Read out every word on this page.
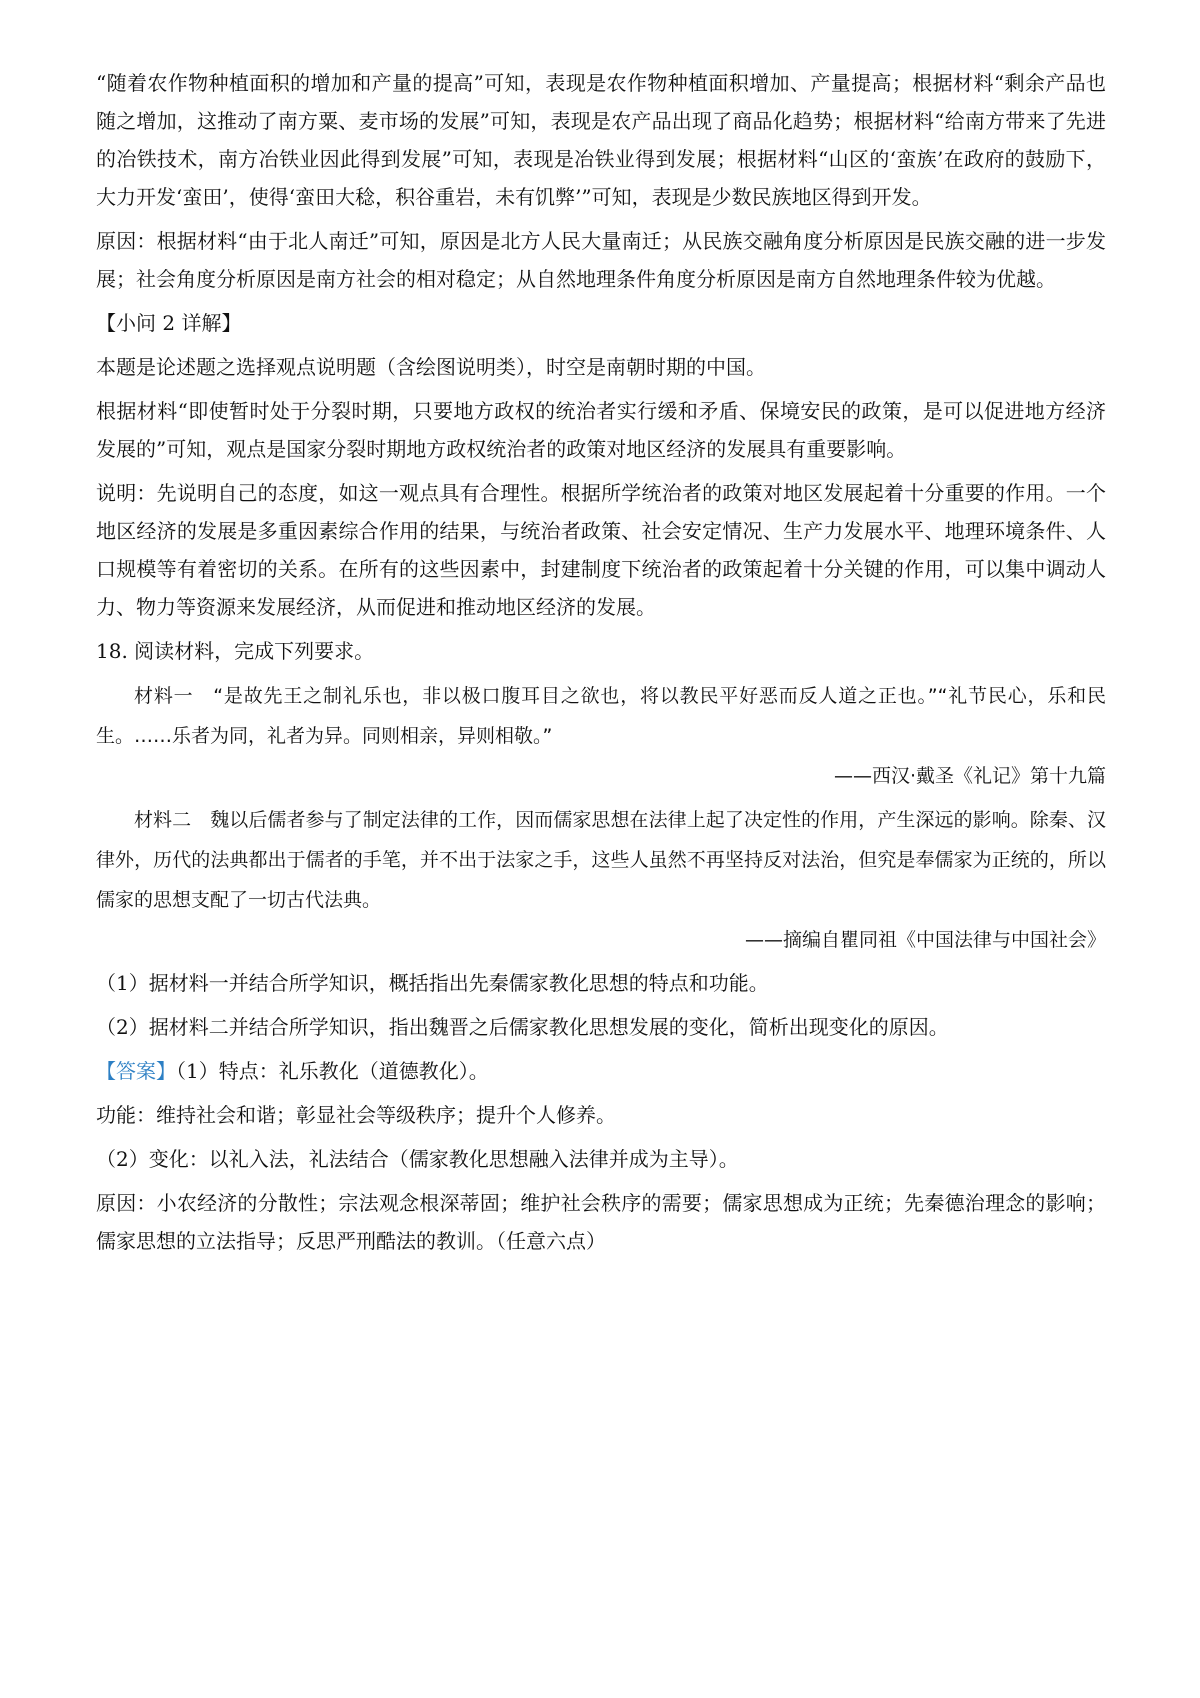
“随着农作物种植面积的增加和产量的提高”可知，表现是农作物种植面积增加、产量提高；根据材料“剩余产品也随之增加，这推动了南方粟、麦市场的发展”可知，表现是农产品出现了商品化趋势；根据材料“给南方带来了先进的冶铁技术，南方冶铁业因此得到发展”可知，表现是冶铁业得到发展；根据材料“山区的‘蛮族’在政府的鼓励下，大力开发‘蛮田’，使得‘蛮田大稔，积谷重岩，未有饥弊’”可知，表现是少数民族地区得到开发。

原因：根据材料“由于北人南迁”可知，原因是北方人民大量南迁；从民族交融角度分析原因是民族交融的进一步发展；社会角度分析原因是南方社会的相对稳定；从自然地理条件角度分析原因是南方自然地理条件较为优越。

【小问 2 详解】

本题是论述题之选择观点说明题（含绘图说明类），时空是南朝时期的中国。

根据材料“即使暂时处于分裂时期，只要地方政权的统治者实行缓和矛盾、保境安民的政策，是可以促进地方经济发展的”可知，观点是国家分裂时期地方政权统治者的政策对地区经济的发展具有重要影响。

说明：先说明自己的态度，如这一观点具有合理性。根据所学统治者的政策对地区发展起着十分重要的作用。一个地区经济的发展是多重因素综合作用的结果，与统治者政策、社会安定情况、生产力发展水平、地理环境条件、人口规模等有着密切的关系。在所有的这些因素中，封建制度下统治者的政策起着十分关键的作用，可以集中调动人力、物力等资源来发展经济，从而促进和推动地区经济的发展。

18. 阅读材料，完成下列要求。

材料一　“是故先王之制礼乐也，非以极口腹耳目之欲也，将以教民平好恶而反人道之正也。”“礼节民心，乐和民生。……乐者为同，礼者为异。同则相亲，异则相敬。”

——西汉·戴圣《礼记》第十九篇

材料二　魏以后儒者参与了制定法律的工作，因而儒家思想在法律上起了决定性的作用，产生深远的影响。除秦、汉律外，历代的法典都出于儒者的手笔，并不出于法家之手，这些人虽然不再坚持反对法治，但究是奉儒家为正统的，所以儒家的思想支配了一切古代法典。

——摘编自瞿同祖《中国法律与中国社会》

（1）据材料一并结合所学知识，概括指出先秦儒家教化思想的特点和功能。

（2）据材料二并结合所学知识，指出魏晋之后儒家教化思想发展的变化，简析出现变化的原因。

【答案】（1）特点：礼乐教化（道德教化）。

功能：维持社会和谐；彰显社会等级秩序；提升个人修养。

（2）变化：以礼入法，礼法结合（儒家教化思想融入法律并成为主导）。

原因：小农经济的分散性；宗法观念根深蒂固；维护社会秩序的需要；儒家思想成为正统；先秦德治理念的影响；儒家思想的立法指导；反思严刑酷法的教训。（任意六点）
